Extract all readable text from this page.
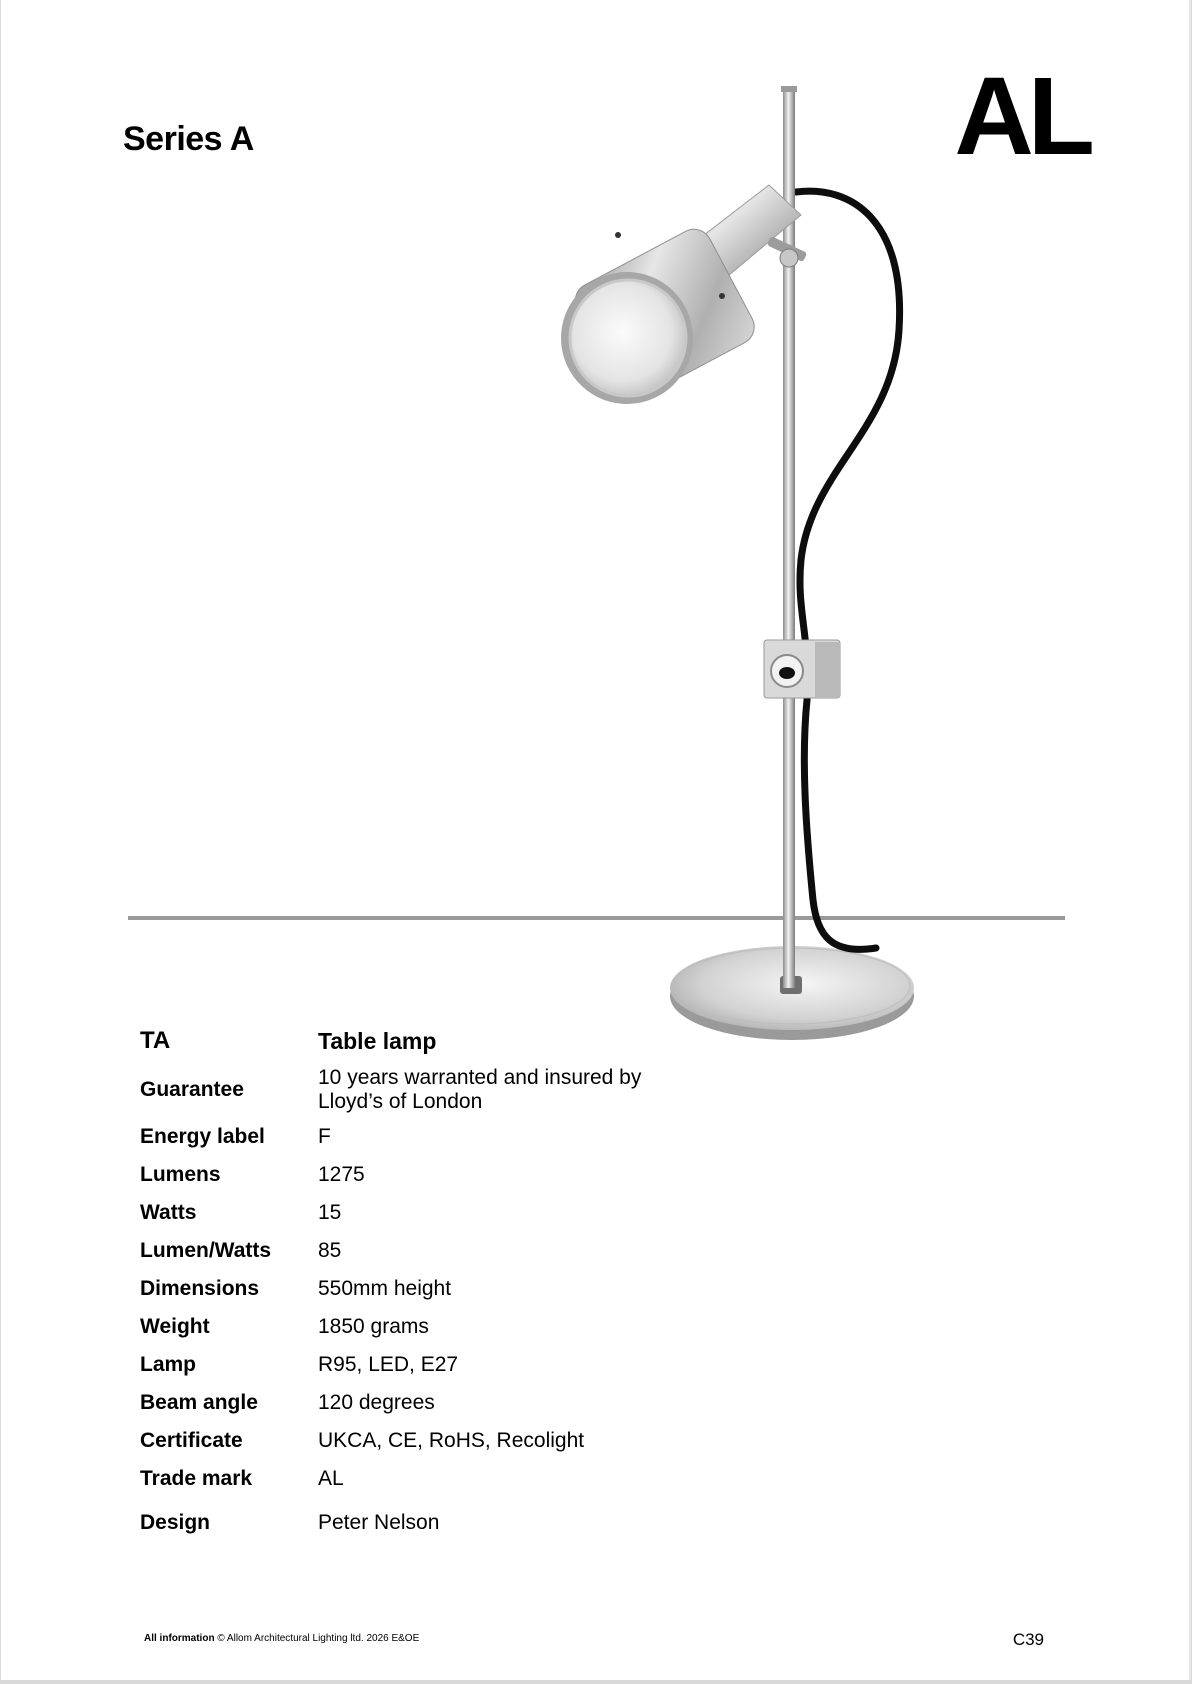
Series A	AL
TA	Table lamp
Guarantee	10 years warranted and insured by
Lloyd’s of London

Energy label	F
Lumens	1275
Watts	15
Lumen/Watts	85
Dimensions	550mm height
Weight	1850 grams
Lamp	R95, LED, E27
Beam angle	120 degrees
Certificate	UKCA, CE, RoHS, Recolight
Trade mark	AL
Design	Peter Nelson
All information © Allom Architectural Lighting ltd. 2026 E&OE	C39
